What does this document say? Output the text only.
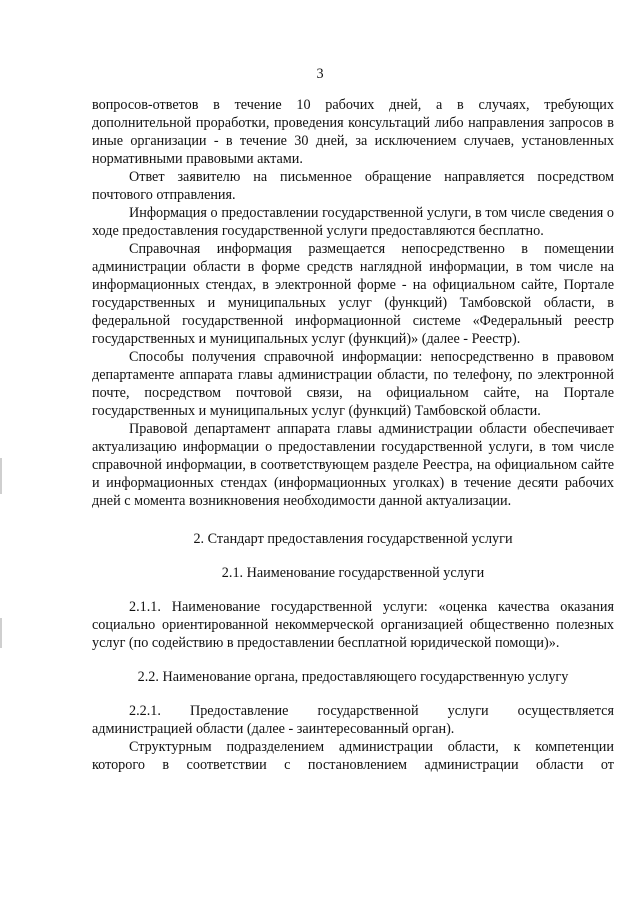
3

вопросов-ответов в течение 10 рабочих дней, а в случаях, требующих дополнительной проработки, проведения консультаций либо направления запросов в иные организации - в течение 30 дней, за исключением случаев, установленных нормативными правовыми актами.

Ответ заявителю на письменное обращение направляется посредством почтового отправления.

Информация о предоставлении государственной услуги, в том числе сведения о ходе предоставления государственной услуги предоставляются бесплатно.

Справочная информация размещается непосредственно в помещении администрации области в форме средств наглядной информации, в том числе на информационных стендах, в электронной форме - на официальном сайте, Портале государственных и муниципальных услуг (функций) Тамбовской области, в федеральной государственной информационной системе «Федеральный реестр государственных и муниципальных услуг (функций)» (далее - Реестр).

Способы получения справочной информации: непосредственно в правовом департаменте аппарата главы администрации области, по телефону, по электронной почте, посредством почтовой связи, на официальном сайте, на Портале государственных и муниципальных услуг (функций) Тамбовской области.

Правовой департамент аппарата главы администрации области обеспечивает актуализацию информации о предоставлении государственной услуги, в том числе справочной информации, в соответствующем разделе Реестра, на официальном сайте и информационных стендах (информационных уголках) в течение десяти рабочих дней с момента возникновения необходимости данной актуализации.

2. Стандарт предоставления государственной услуги

2.1. Наименование государственной услуги

2.1.1. Наименование государственной услуги: «оценка качества оказания социально ориентированной некоммерческой организацией общественно полезных услуг (по содействию в предоставлении бесплатной юридической помощи)».

2.2. Наименование органа, предоставляющего государственную услугу

2.2.1. Предоставление государственной услуги осуществляется администрацией области (далее - заинтересованный орган).

Структурным подразделением администрации области, к компетенции

которого в соответствии с постановлением администрации области от
